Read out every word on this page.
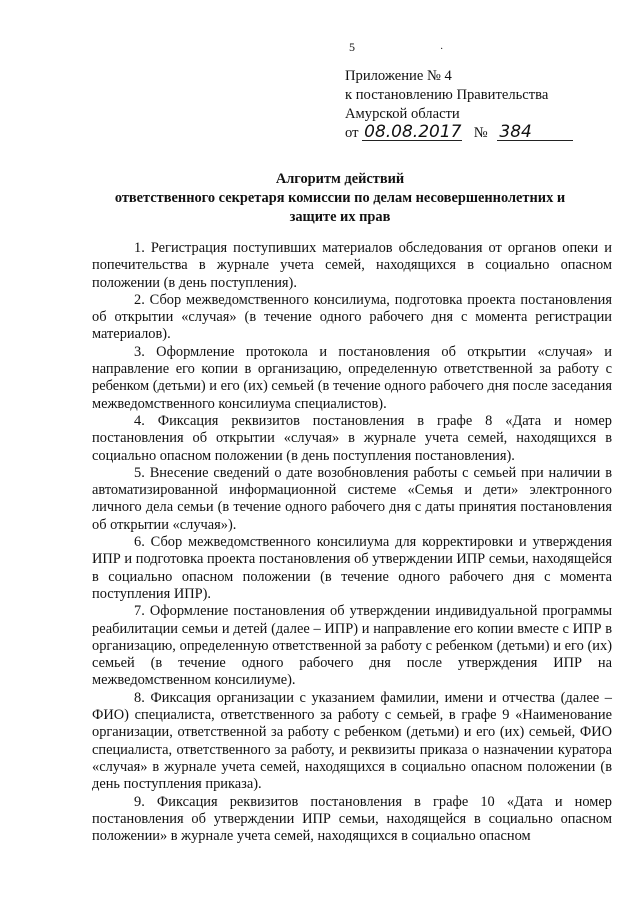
5	·
Приложение № 4
к постановлению Правительства
Амурской области
от 08.08.2017 № 384
Алгоритм действий
ответственного секретаря комиссии по делам несовершеннолетних и
защите их прав

1. Регистрация поступивших материалов обследования от органов опеки и попечительства в журнале учета семей, находящихся в социально опасном положении (в день поступления).

2. Сбор межведомственного консилиума, подготовка проекта постановления об открытии «случая» (в течение одного рабочего дня с момента регистрации материалов).

3. Оформление протокола и постановления об открытии «случая» и направление его копии в организацию, определенную ответственной за работу с ребенком (детьми) и его (их) семьей (в течение одного рабочего дня после заседания межведомственного консилиума специалистов).

4. Фиксация реквизитов постановления в графе 8 «Дата и номер постановления об открытии «случая» в журнале учета семей, находящихся в социально опасном положении (в день поступления постановления).

5. Внесение сведений о дате возобновления работы с семьей при наличии в автоматизированной информационной системе «Семья и дети» электронного личного дела семьи (в течение одного рабочего дня с даты принятия постановления об открытии «случая»).

6. Сбор межведомственного консилиума для корректировки и утверждения ИПР и подготовка проекта постановления об утверждении ИПР семьи, находящейся в социально опасном положении (в течение одного рабочего дня с момента поступления ИПР).

7. Оформление постановления об утверждении индивидуальной программы реабилитации семьи и детей (далее – ИПР) и направление его копии вместе с ИПР в организацию, определенную ответственной за работу с ребенком (детьми) и его (их) семьей (в течение одного рабочего дня после утверждения ИПР на межведомственном консилиуме).

8. Фиксация организации с указанием фамилии, имени и отчества (далее – ФИО) специалиста, ответственного за работу с семьей, в графе 9 «Наименование организации, ответственной за работу с ребенком (детьми) и его (их) семьей, ФИО специалиста, ответственного за работу, и реквизиты приказа о назначении куратора «случая» в журнале учета семей, находящихся в социально опасном положении (в день поступления приказа).

9. Фиксация реквизитов постановления в графе 10 «Дата и номер постановления об утверждении ИПР семьи, находящейся в социально опасном положении» в журнале учета семей, находящихся в социально опасном
